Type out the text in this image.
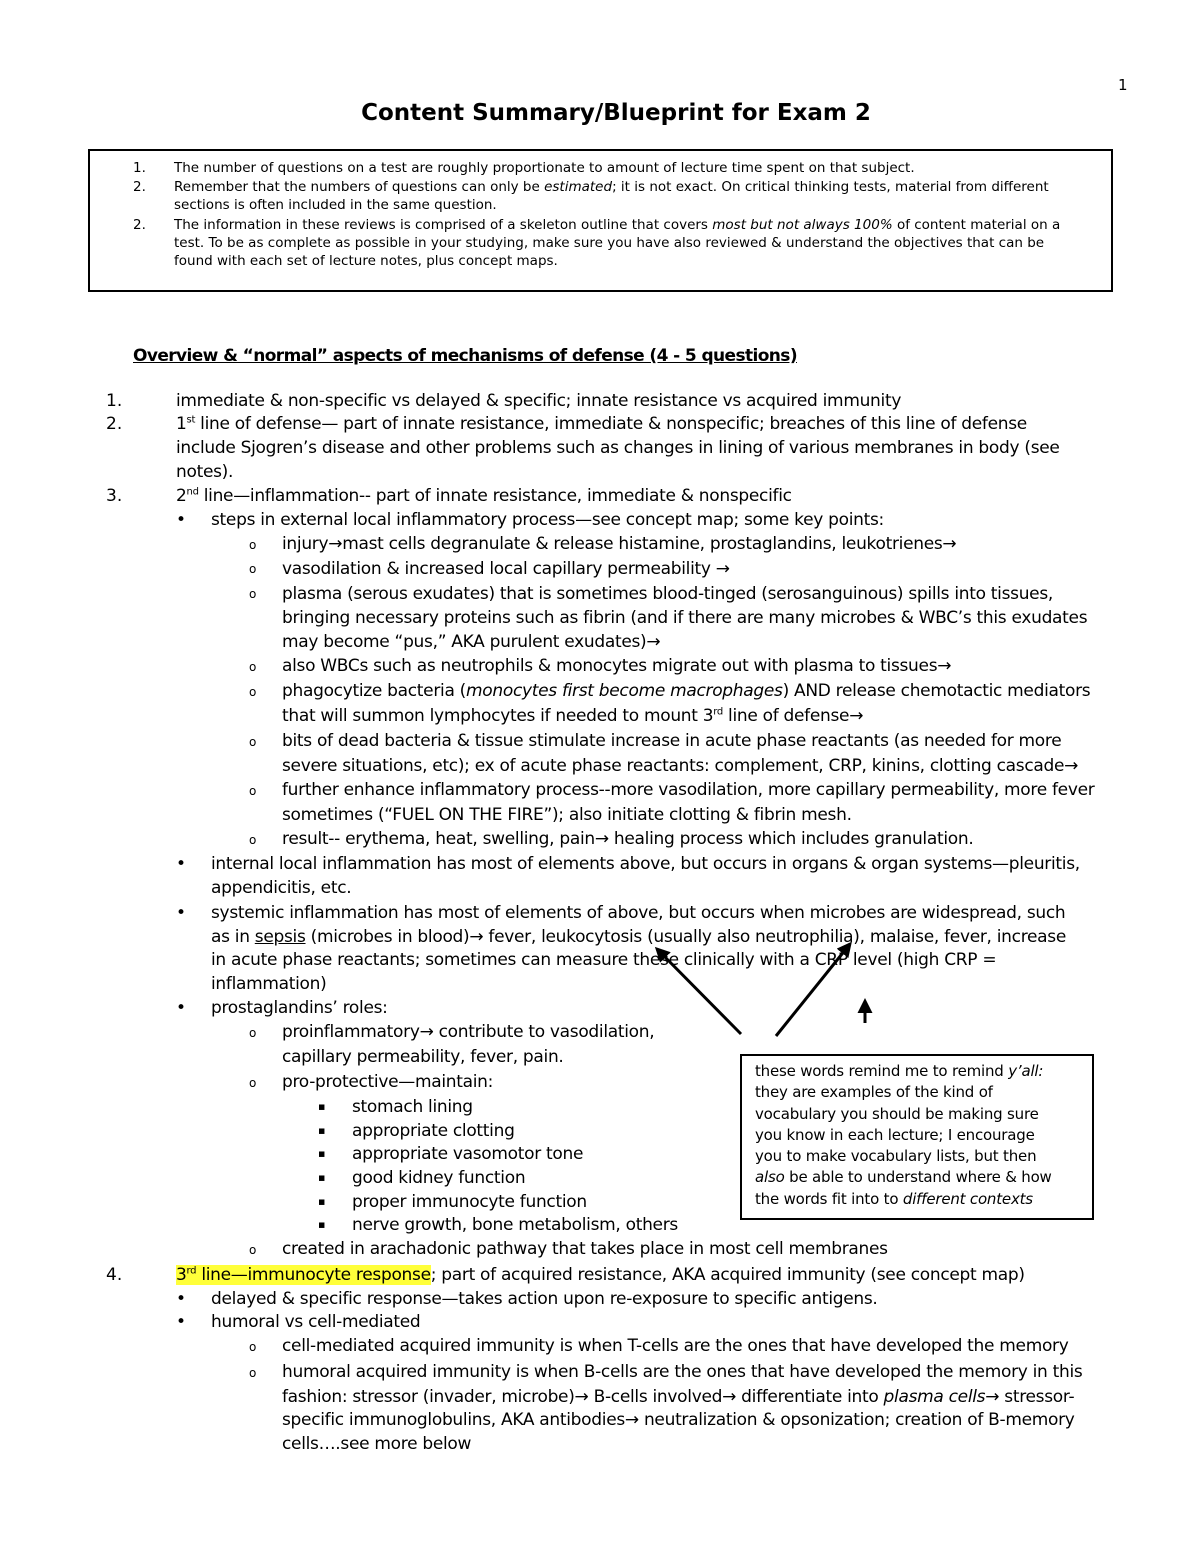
1
Content Summary/Blueprint for Exam 2
1. The number of questions on a test are roughly proportionate to amount of lecture time spent on that subject.
2. Remember that the numbers of questions can only be estimated; it is not exact. On critical thinking tests, material from different
sections is often included in the same question.
2. The information in these reviews is comprised of a skeleton outline that covers most but not always 100% of content material on a
test. To be as complete as possible in your studying, make sure you have also reviewed & understand the objectives that can be
found with each set of lecture notes, plus concept maps.
Overview & “normal” aspects of mechanisms of defense (4 - 5 questions)
1.	immediate & non-specific vs delayed & specific; innate resistance vs acquired immunity
2.	1st line of defense— part of innate resistance, immediate & nonspecific; breaches of this line of defense
include Sjogren’s disease and other problems such as changes in lining of various membranes in body (see
notes).
3.	2nd line—inflammation-- part of innate resistance, immediate & nonspecific
• steps in external local inflammatory process—see concept map; some key points:
o injury→mast cells degranulate & release histamine, prostaglandins, leukotrienes→
o vasodilation & increased local capillary permeability →
o plasma (serous exudates) that is sometimes blood-tinged (serosanguinous) spills into tissues,
bringing necessary proteins such as fibrin (and if there are many microbes & WBC’s this exudates
may become “pus,” AKA purulent exudates)→
o also WBCs such as neutrophils & monocytes migrate out with plasma to tissues→
o phagocytize bacteria (monocytes first become macrophages) AND release chemotactic mediators
that will summon lymphocytes if needed to mount 3rd line of defense→
o bits of dead bacteria & tissue stimulate increase in acute phase reactants (as needed for more
severe situations, etc); ex of acute phase reactants: complement, CRP, kinins, clotting cascade→
o further enhance inflammatory process--more vasodilation, more capillary permeability, more fever
sometimes (“FUEL ON THE FIRE”); also initiate clotting & fibrin mesh.
o result-- erythema, heat, swelling, pain→ healing process which includes granulation.
• internal local inflammation has most of elements above, but occurs in organs & organ systems—pleuritis,
appendicitis, etc.
• systemic inflammation has most of elements of above, but occurs when microbes are widespread, such
as in sepsis (microbes in blood)→ fever, leukocytosis (usually also neutrophilia), malaise, fever, increase
in acute phase reactants; sometimes can measure these clinically with a CRP level (high CRP =
inflammation)
• prostaglandins’ roles:
o proinflammatory→ contribute to vasodilation,
capillary permeability, fever, pain.
o pro-protective—maintain:
▪ stomach lining
▪ appropriate clotting
▪ appropriate vasomotor tone
▪ good kidney function
▪ proper immunocyte function
▪ nerve growth, bone metabolism, others
o created in arachadonic pathway that takes place in most cell membranes
4.	3rd line—immunocyte response; part of acquired resistance, AKA acquired immunity (see concept map)
• delayed & specific response—takes action upon re-exposure to specific antigens.
• humoral vs cell-mediated
o cell-mediated acquired immunity is when T-cells are the ones that have developed the memory
o humoral acquired immunity is when B-cells are the ones that have developed the memory in this
fashion: stressor (invader, microbe)→ B-cells involved→ differentiate into plasma cells→ stressor-
specific immunoglobulins, AKA antibodies→ neutralization & opsonization; creation of B-memory
cells….see more below
these words remind me to remind y’all:
they are examples of the kind of
vocabulary you should be making sure
you know in each lecture; I encourage
you to make vocabulary lists, but then
also be able to understand where & how
the words fit into to different contexts
